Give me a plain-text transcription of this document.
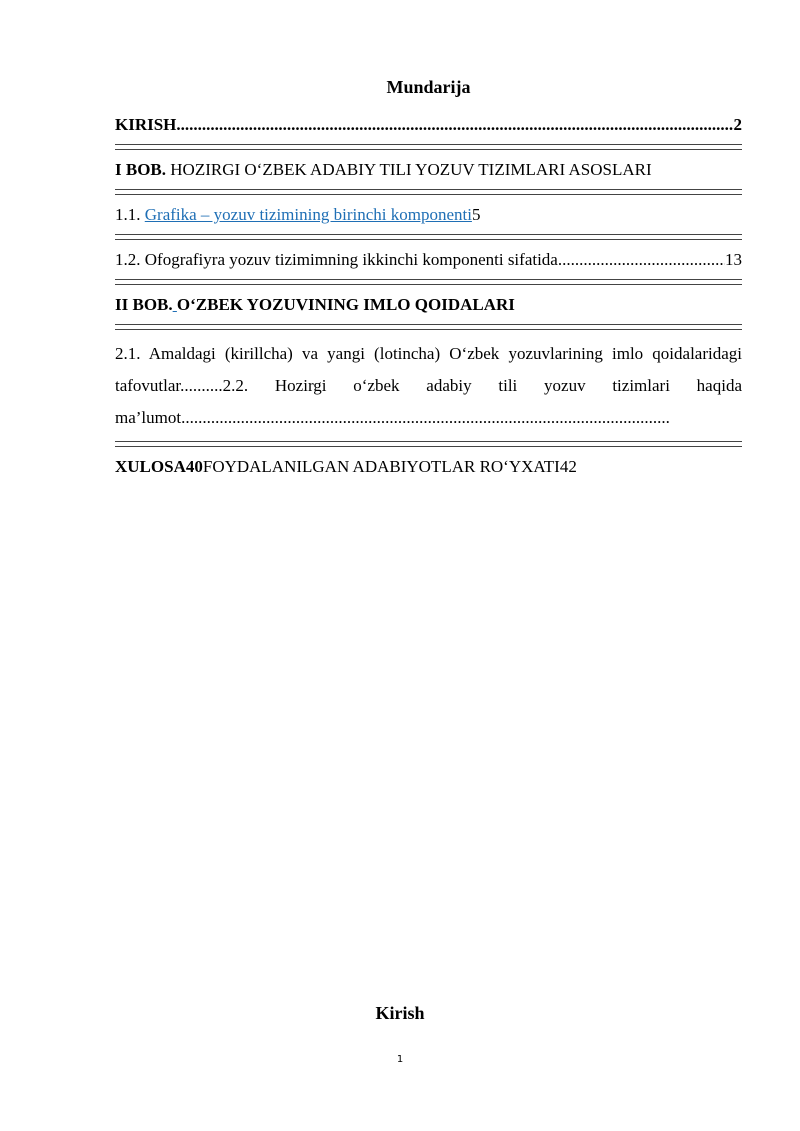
Mundarija
KIRISH .....	2
I BOB. HOZIRGI O‘ZBEK ADABIY TILI YOZUV TIZIMLARI ASOSLARI
1.1. Grafika – yozuv tizimining birinchi komponenti5
1.2. Ofografiyra yozuv tizimimning ikkinchi komponenti sifatida .....	13
II BOB. O‘ZBEK YOZUVINING IMLO QOIDALARI
2.1. Amaldagi (kirillcha) va yangi (lotincha) O‘zbek yozuvlarining imlo qoidalaridagi tafovutlar..........2.2. Hozirgi o‘zbek adabiy tili yozuv tizimlari haqida ma’lumot...................................................................................................................
XULOSA40FOYDALANILGAN ADABIYOTLAR RO‘YXATI42
Kirish
1
